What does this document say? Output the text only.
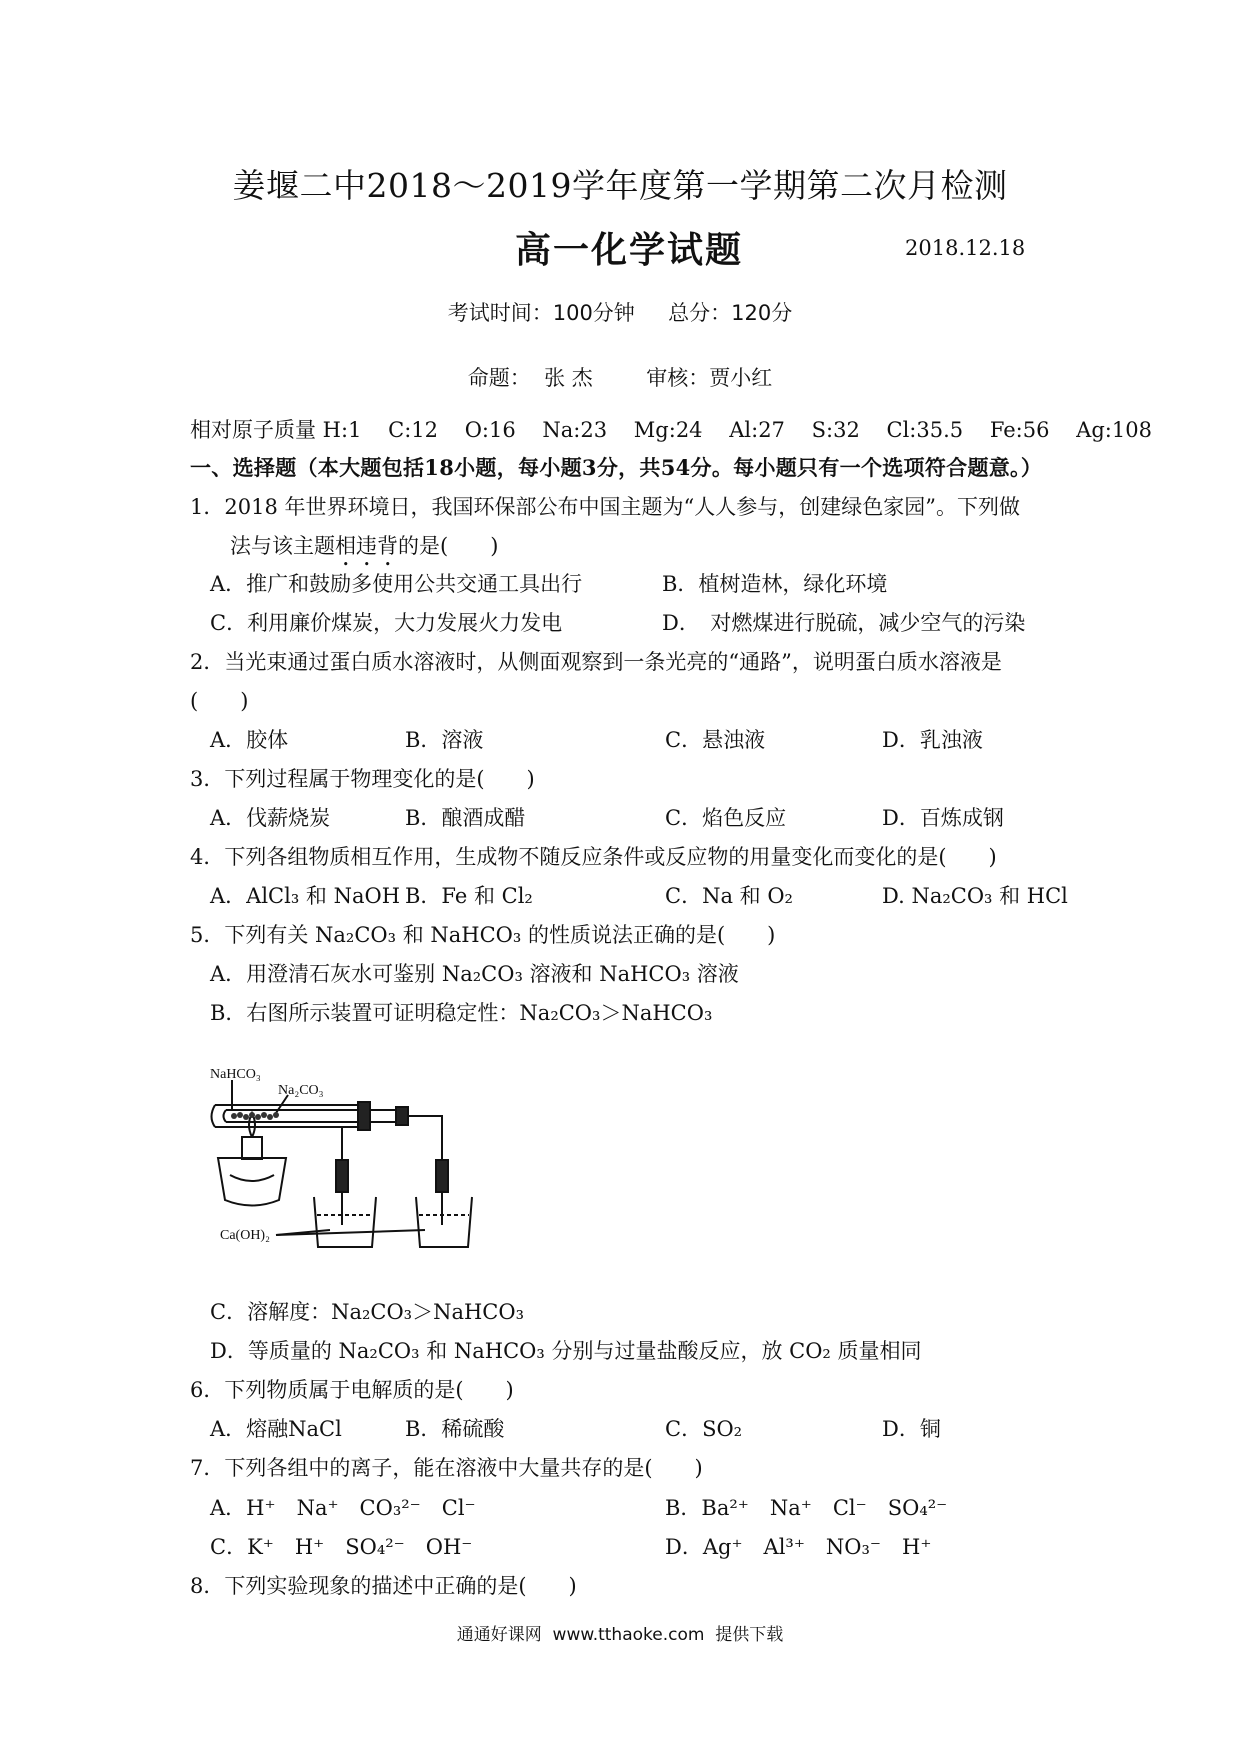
姜堰二中2018～2019学年度第一学期第二次月检测
高一化学试题	2018.12.18
考试时间：100分钟     总分：120分
命题：  张 杰        审核：贾小红
相对原子质量 H:1    C:12    O:16    Na:23    Mg:24    Al:27    S:32    Cl:35.5    Fe:56    Ag:108
一、选择题（本大题包括18小题，每小题3分，共54分。每小题只有一个选项符合题意。）
1．2018 年世界环境日，我国环保部公布中国主题为“人人参与，创建绿色家园”。下列做
法与该主题相违背的是(　　)
A．推广和鼓励多使用公共交通工具出行	B．植树造林，绿化环境
C．利用廉价煤炭，大力发展火力发电	D．　对燃煤进行脱硫，减少空气的污染
2．当光束通过蛋白质水溶液时，从侧面观察到一条光亮的“通路”，说明蛋白质水溶液是
(　　)
A．胶体	B．溶液	C．悬浊液	D．乳浊液
3．下列过程属于物理变化的是(　　)
A．伐薪烧炭	B．酿酒成醋	C．焰色反应	D．百炼成钢
4．下列各组物质相互作用，生成物不随反应条件或反应物的用量变化而变化的是(　　)
A．AlCl₃ 和 NaOH B．Fe 和 Cl₂	C．Na 和 O₂	D. Na₂CO₃ 和 HCl
5．下列有关 Na₂CO₃ 和 NaHCO₃ 的性质说法正确的是(　　)
A．用澄清石灰水可鉴别 Na₂CO₃ 溶液和 NaHCO₃ 溶液
B．右图所示装置可证明稳定性：Na₂CO₃＞NaHCO₃
NaHCO₃
Na₂CO₃
Ca(OH)₂
C．溶解度：Na₂CO₃＞NaHCO₃
D．等质量的 Na₂CO₃ 和 NaHCO₃ 分别与过量盐酸反应，放 CO₂ 质量相同
6．下列物质属于电解质的是(　　)
A．熔融NaCl	B．稀硫酸	C．SO₂	D．铜
7．下列各组中的离子，能在溶液中大量共存的是(　　)
A．H⁺　Na⁺　CO₃²⁻　Cl⁻	B．Ba²⁺　Na⁺　Cl⁻　SO₄²⁻
C．K⁺　H⁺　SO₄²⁻　OH⁻	D．Ag⁺　Al³⁺　NO₃⁻　H⁺
8．下列实验现象的描述中正确的是(　　)
通通好课网  www.tthaoke.com  提供下载
